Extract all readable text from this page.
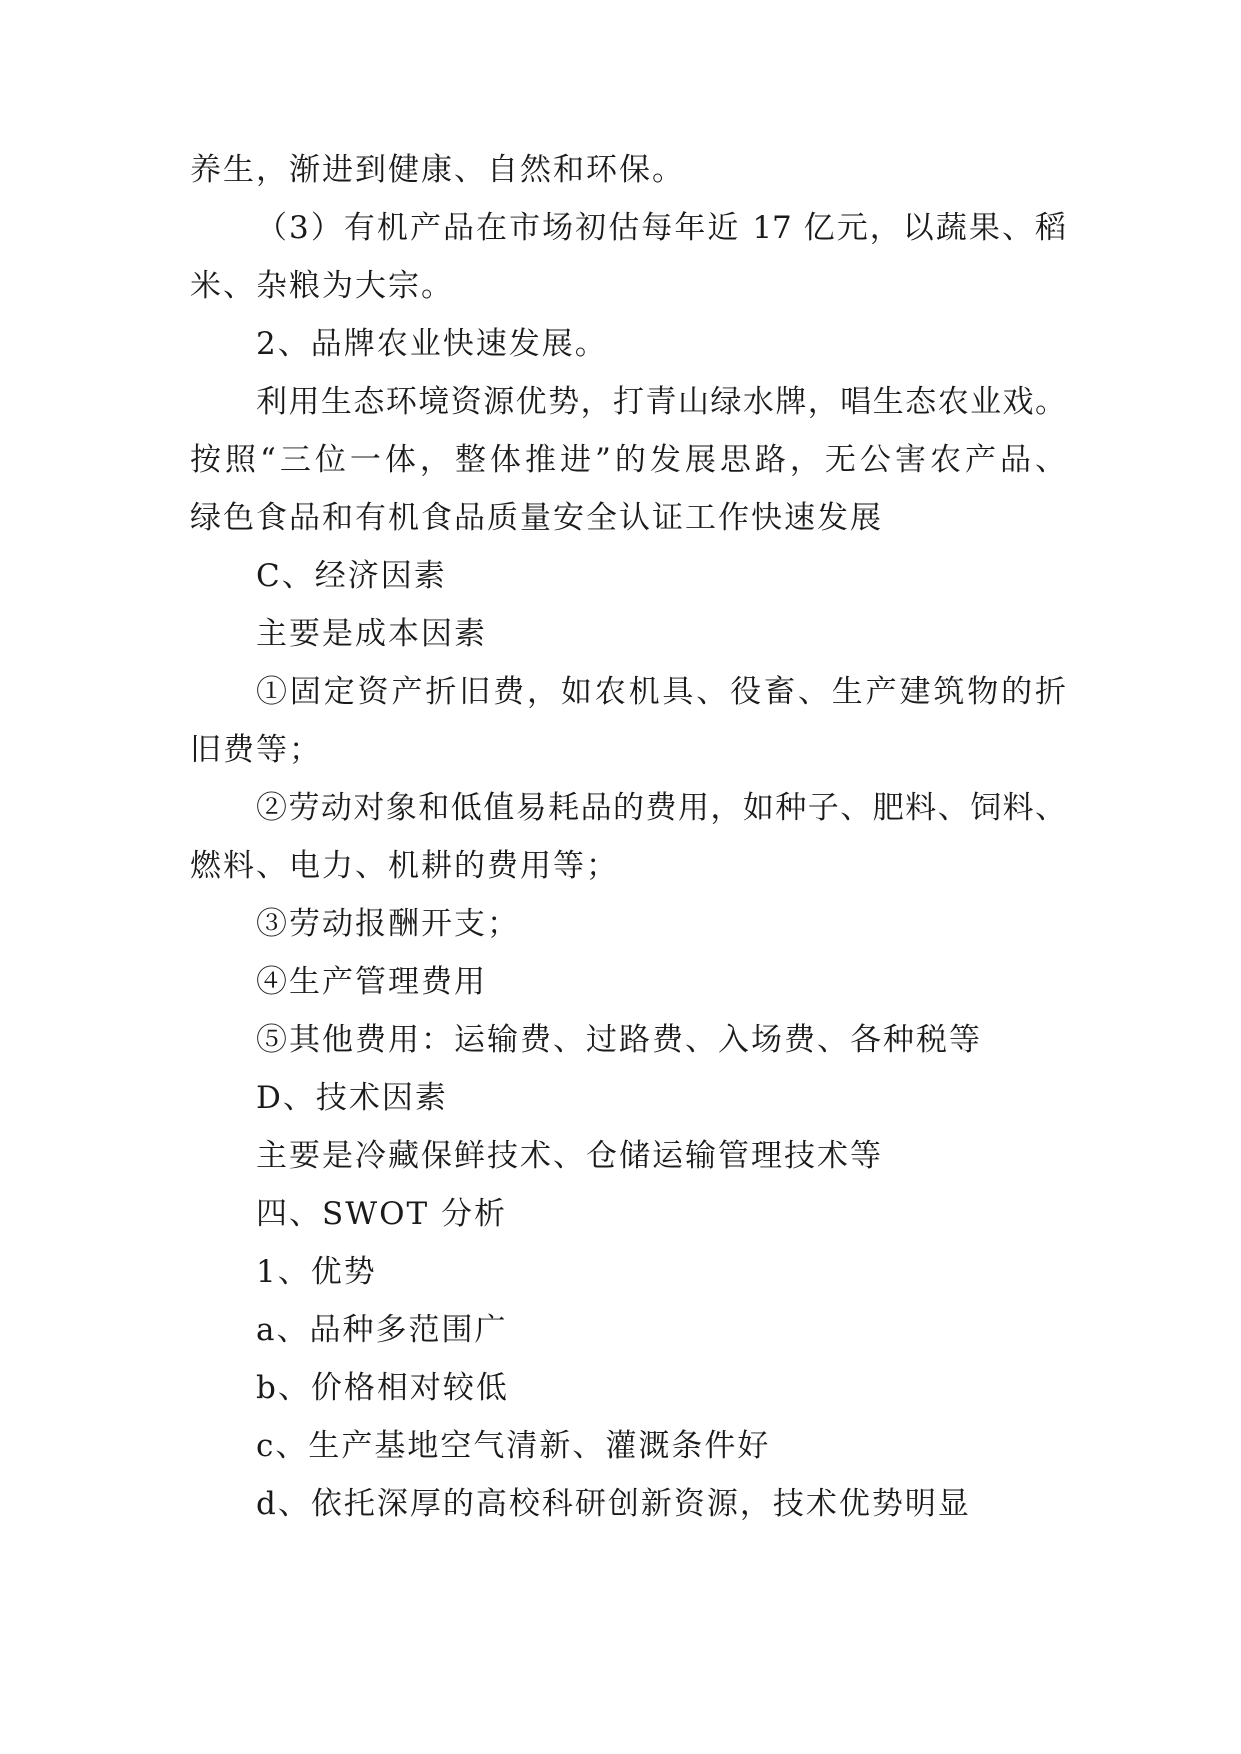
养生，渐进到健康、自然和环保。
（3）有机产品在市场初估每年近 17 亿元，以蔬果、稻
米、杂粮为大宗。
2、品牌农业快速发展。
利用生态环境资源优势，打青山绿水牌，唱生态农业戏。
按照“三位一体，整体推进”的发展思路，无公害农产品、
绿色食品和有机食品质量安全认证工作快速发展
C、经济因素
主要是成本因素
①固定资产折旧费，如农机具、役畜、生产建筑物的折
旧费等；
②劳动对象和低值易耗品的费用，如种子、肥料、饲料、
燃料、电力、机耕的费用等；
③劳动报酬开支；
④生产管理费用
⑤其他费用：运输费、过路费、入场费、各种税等
D、技术因素
主要是冷藏保鲜技术、仓储运输管理技术等
四、SWOT 分析
1、优势
a、品种多范围广
b、价格相对较低
c、生产基地空气清新、灌溉条件好
d、依托深厚的高校科研创新资源，技术优势明显
